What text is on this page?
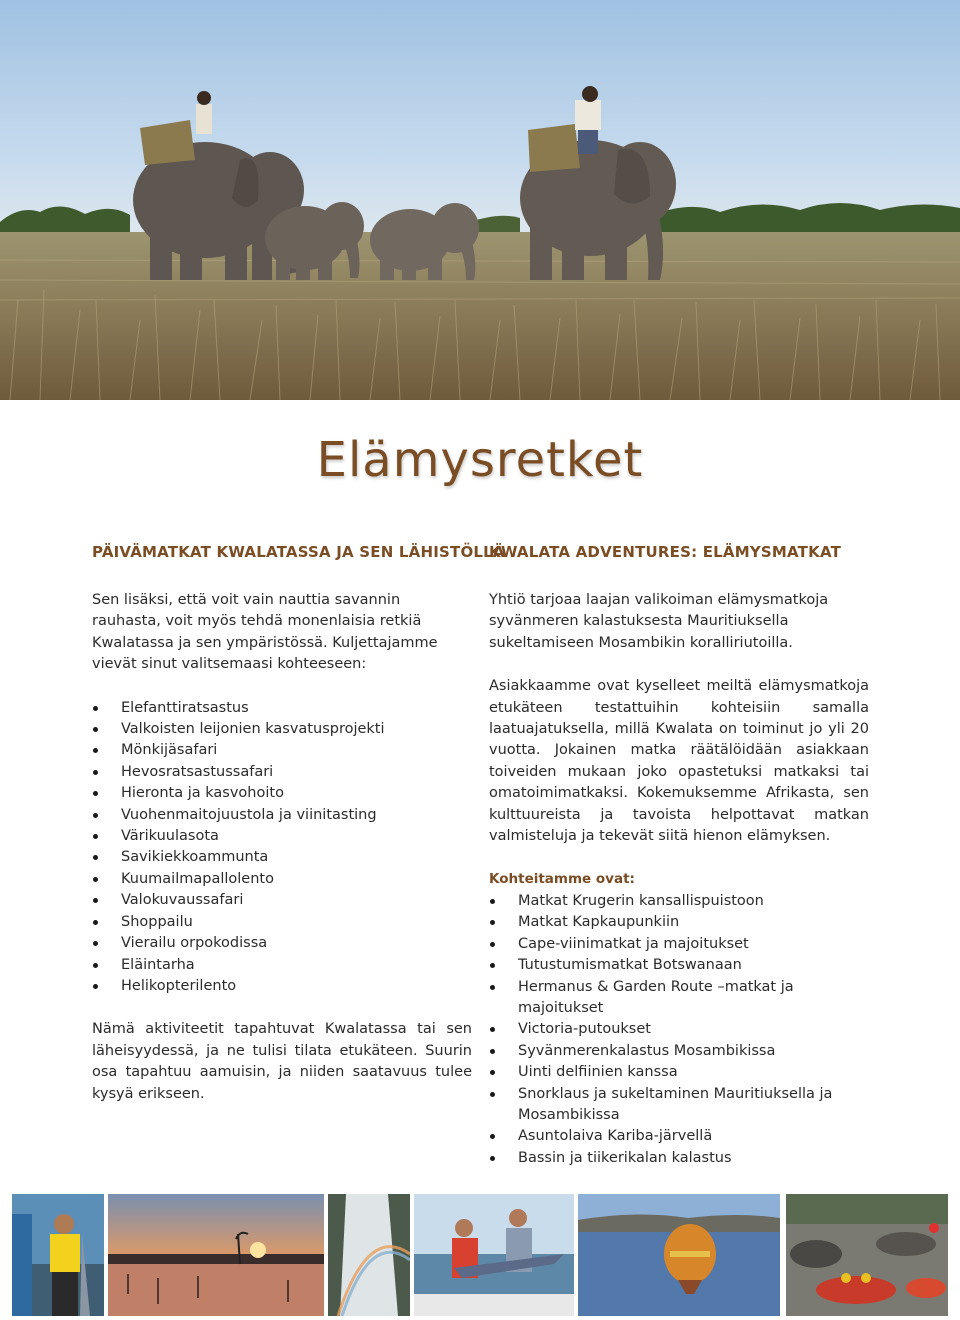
Elämysretket
PÄIVÄMATKAT KWALATASSA JA SEN LÄHISTÖLLÄ

Sen lisäksi, että voit vain nauttia savannin rauhasta, voit myös tehdä monenlaisia retkiä Kwalatassa ja sen ympäristössä. Kuljettajamme vievät sinut valitsemaasi kohteeseen:

Elefanttiratsastus
Valkoisten leijonien kasvatusprojekti
Mönkijäsafari
Hevosratsastussafari
Hieronta ja kasvohoito
Vuohenmaitojuustola ja viinitasting
Värikuulasota
Savikiekkoammunta
Kuumailmapallolento
Valokuvaussafari
Shoppailu
Vierailu orpokodissa
Eläintarha
Helikopterilento

Nämä aktiviteetit tapahtuvat Kwalatassa tai sen läheisyydessä, ja ne tulisi tilata etukäteen. Suurin osa tapahtuu aamuisin, ja niiden saatavuus tulee kysyä erikseen.

KWALATA ADVENTURES: ELÄMYSMATKAT

Yhtiö tarjoaa laajan valikoiman elämysmatkoja syvänmeren kalastuksesta Mauritiuksella sukeltamiseen Mosambikin koralliriutoilla.

Asiakkaamme ovat kyselleet meiltä elämysmatkoja etukäteen testattuihin kohteisiin samalla laatuajatuksella, millä Kwalata on toiminut jo yli 20 vuotta. Jokainen matka räätälöidään asiakkaan toiveiden mukaan joko opastetuksi matkaksi tai omatoimimatkaksi. Kokemuksemme Afrikasta, sen kulttuureista ja tavoista helpottavat matkan valmisteluja ja tekevät siitä hienon elämyksen.

Kohteitamme ovat:

Matkat Krugerin kansallispuistoon
Matkat Kapkaupunkiin
Cape-viinimatkat ja majoitukset
Tutustumismatkat Botswanaan
Hermanus & Garden Route –matkat ja majoitukset
Victoria-putoukset
Syvänmerenkalastus Mosambikissa
Uinti delfiinien kanssa
Snorklaus ja sukeltaminen Mauritiuksella ja Mosambikissa
Asuntolaiva Kariba-järvellä
Bassin ja tiikerikalan kalastus
